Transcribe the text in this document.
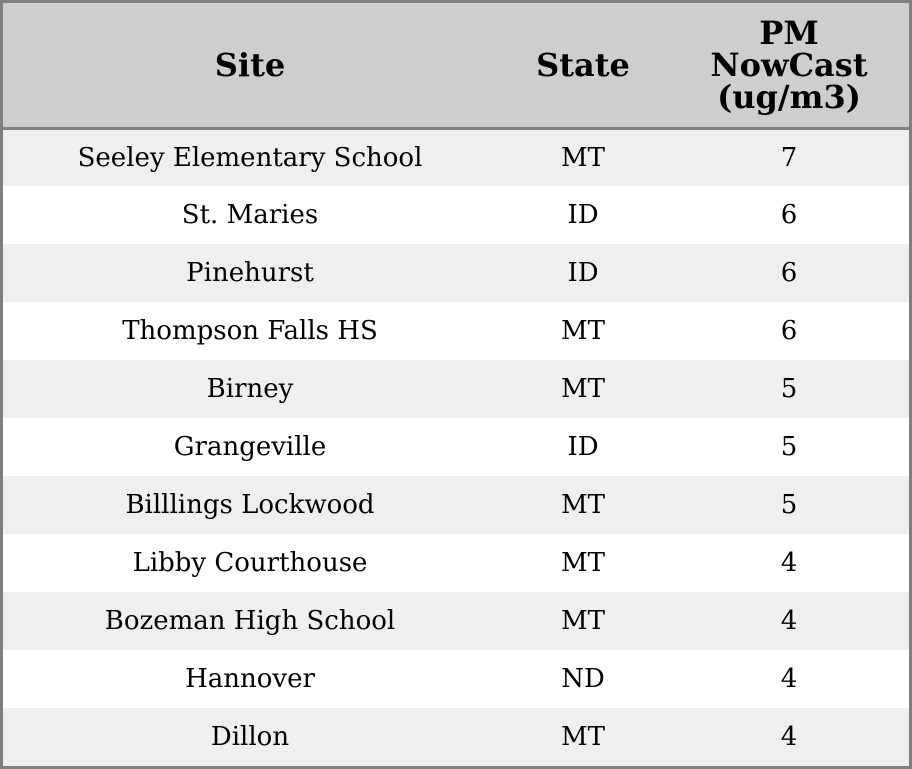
Site	State	PM
NowCast
(ug/m3)

Seeley Elementary School	MT	7
St. Maries	ID	6
Pinehurst	ID	6
Thompson Falls HS	MT	6
Birney	MT	5
Grangeville	ID	5
Billlings Lockwood	MT	5
Libby Courthouse	MT	4
Bozeman High School	MT	4
Hannover	ND	4
Dillon	MT	4
